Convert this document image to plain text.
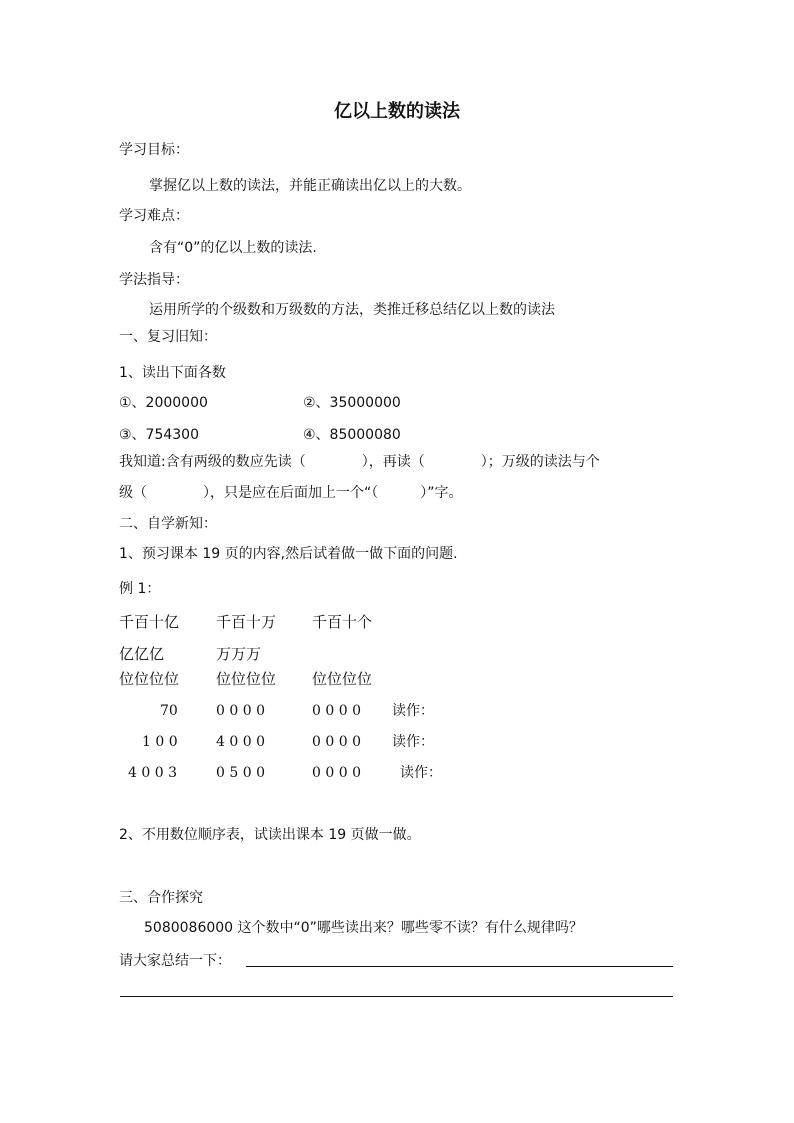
亿以上数的读法
学习目标：
掌握亿以上数的读法，并能正确读出亿以上的大数。
学习难点：
含有“0”的亿以上数的读法.
学法指导：
运用所学的个级数和万级数的方法，类推迁移总结亿以上数的读法
一、复习旧知：
1、读出下面各数
①、2000000	②、35000000
③、754300	④、85000080
我知道:含有两级的数应先读（　　　　），再读（　　　　）；万级的读法与个
级（　　　　），只是应在后面加上一个“（　　　）”字。
二、自学新知：
1、预习课本 19 页的内容,然后试着做一做下面的问题.
例 1：
千百十亿 千百十万 千百十个
亿亿亿	万万万
位位位位 位位位位 位位位位
70	0 0 0 0	0 0 0 0 读作：
1 0 0	4 0 0 0	0 0 0 0 读作：
4 0 0 3	0 5 0 0	0 0 0 0	读作：
2、不用数位顺序表，试读出课本 19 页做一做。
三、合作探究
5080086000 这个数中“0”哪些读出来？哪些零不读？有什么规律吗？
请大家总结一下：
